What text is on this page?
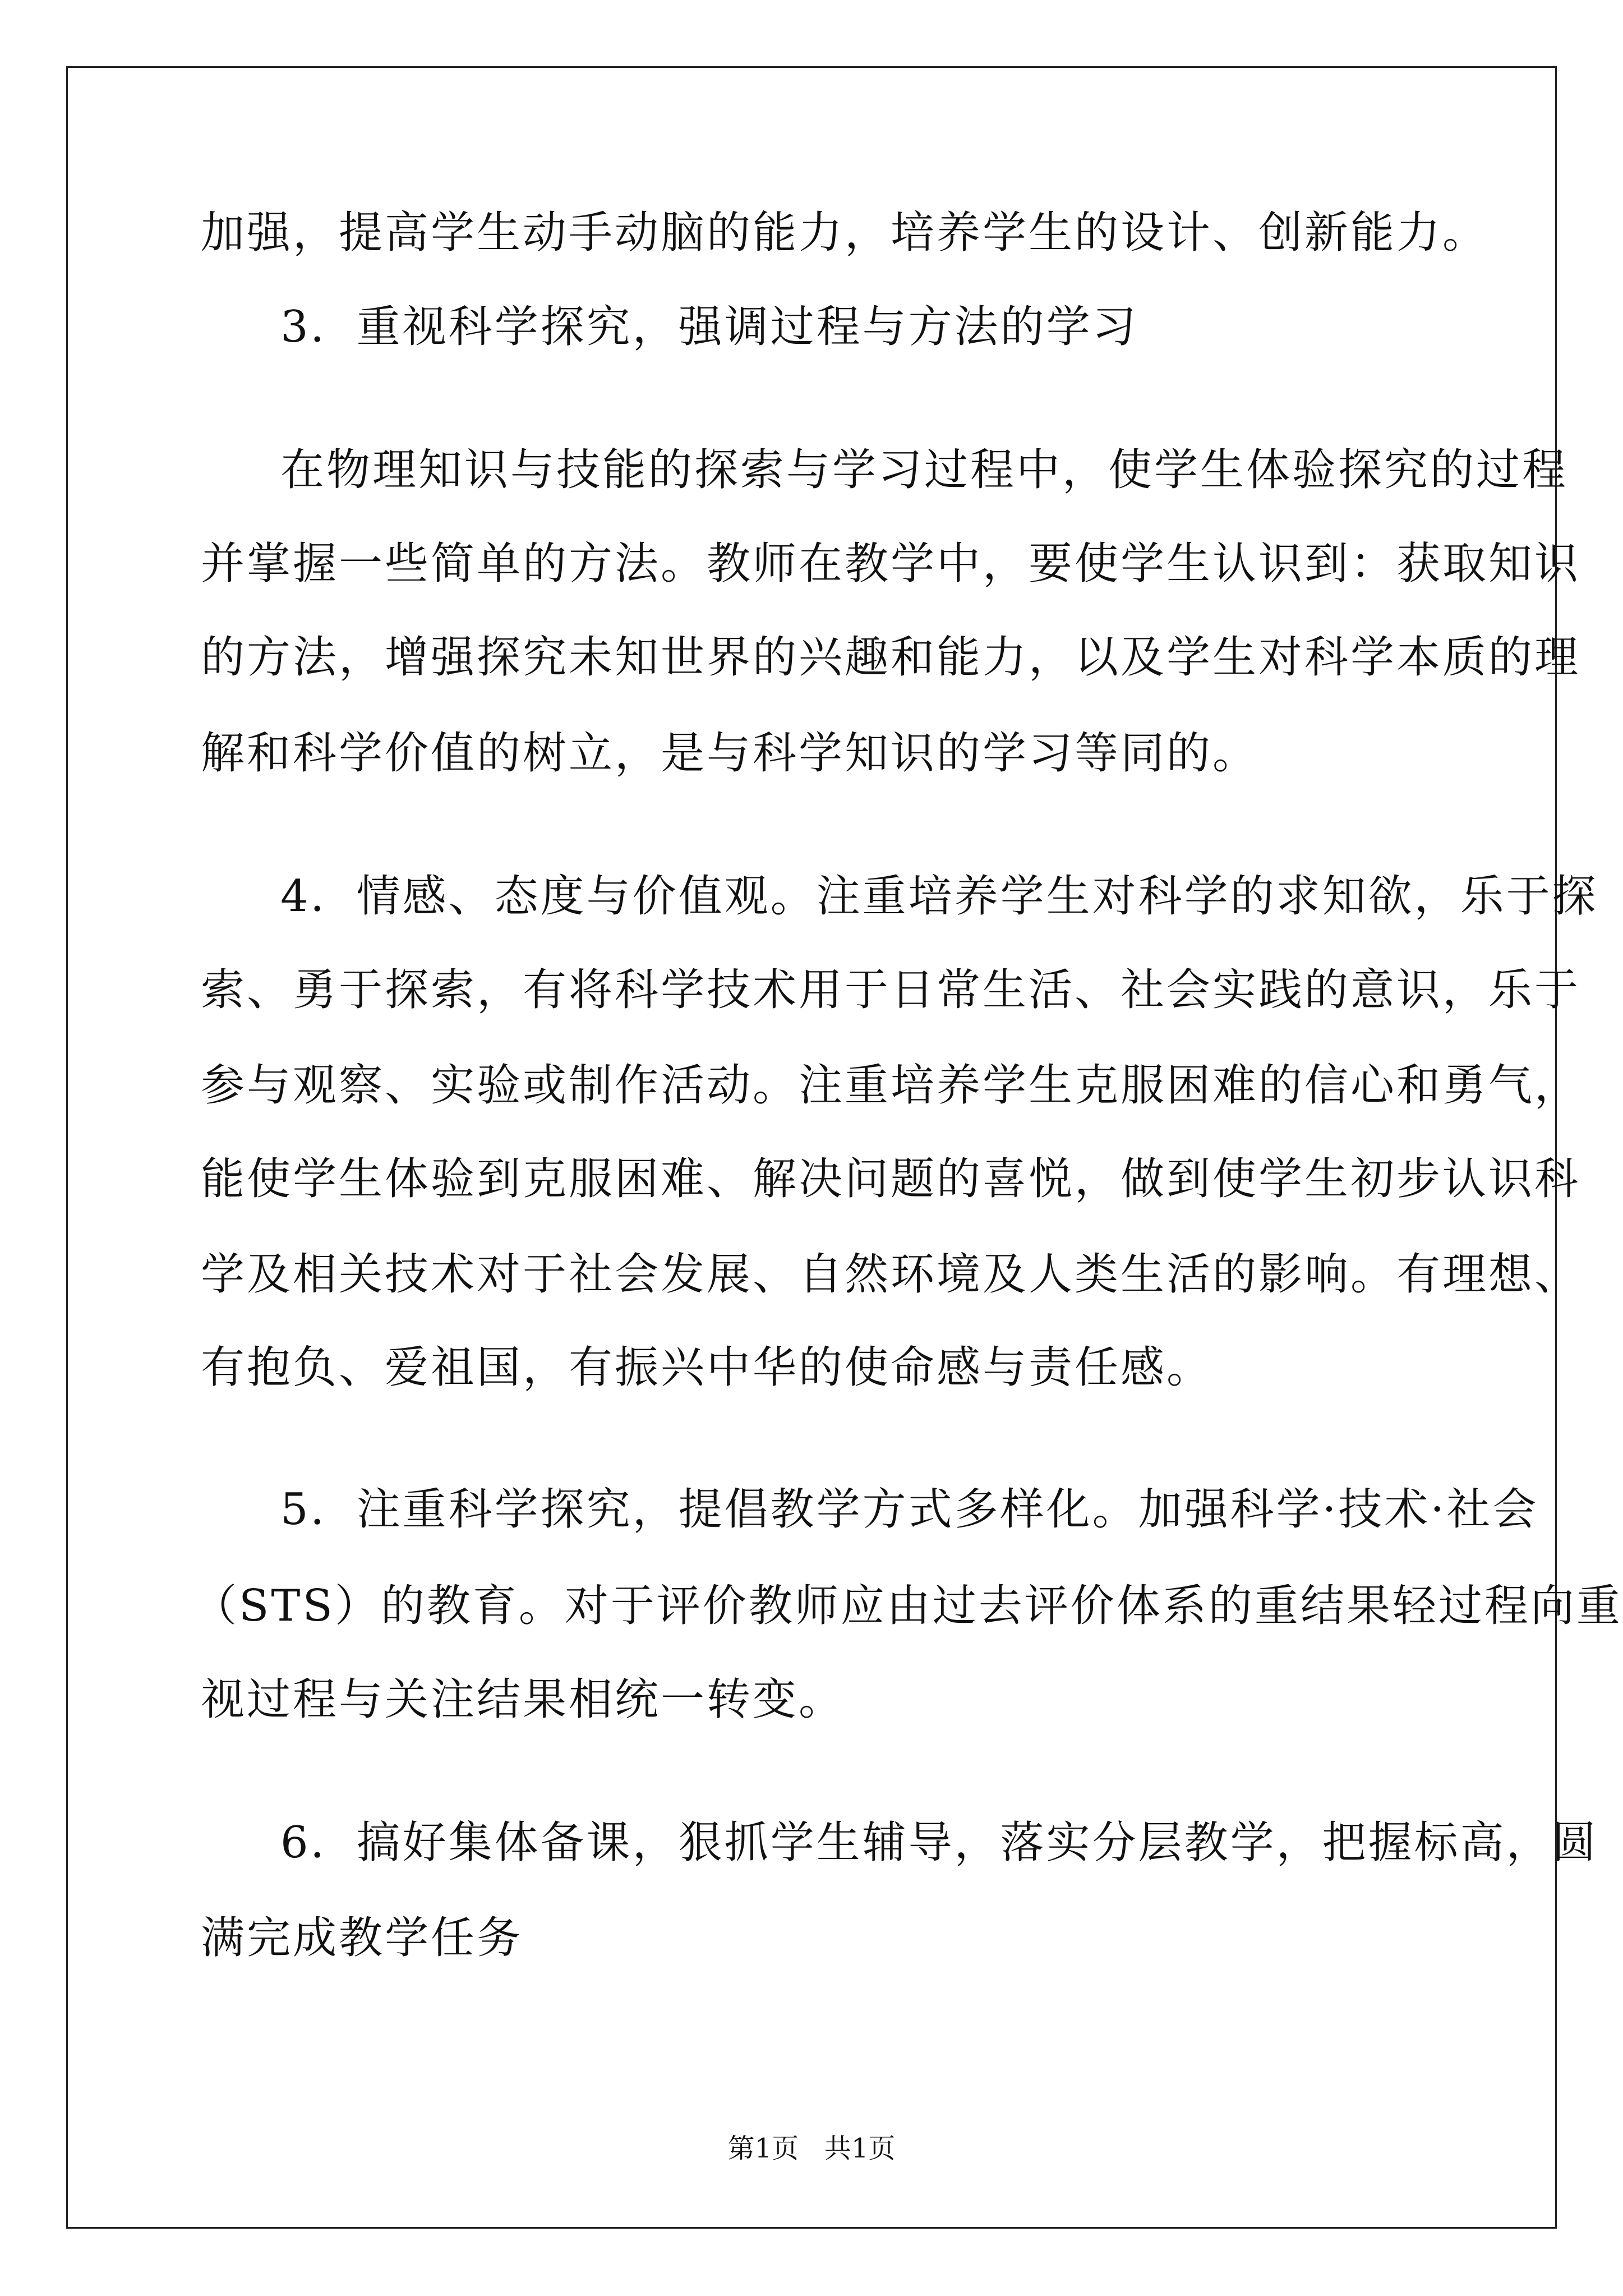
加强，提高学生动手动脑的能力，培养学生的设计、创新能力。
3．重视科学探究，强调过程与方法的学习
在物理知识与技能的探索与学习过程中，使学生体验探究的过程
并掌握一些简单的方法。教师在教学中，要使学生认识到：获取知识
的方法，增强探究未知世界的兴趣和能力，以及学生对科学本质的理
解和科学价值的树立，是与科学知识的学习等同的。
4．情感、态度与价值观。注重培养学生对科学的求知欲，乐于探
索、勇于探索，有将科学技术用于日常生活、社会实践的意识，乐于
参与观察、实验或制作活动。注重培养学生克服困难的信心和勇气，
能使学生体验到克服困难、解决问题的喜悦，做到使学生初步认识科
学及相关技术对于社会发展、自然环境及人类生活的影响。有理想、
有抱负、爱祖国，有振兴中华的使命感与责任感。
5．注重科学探究，提倡教学方式多样化。加强科学·技术·社会
（STS）的教育。对于评价教师应由过去评价体系的重结果轻过程向重
视过程与关注结果相统一转变。
6．搞好集体备课，狠抓学生辅导，落实分层教学，把握标高，圆
满完成教学任务
第1页   共1页
